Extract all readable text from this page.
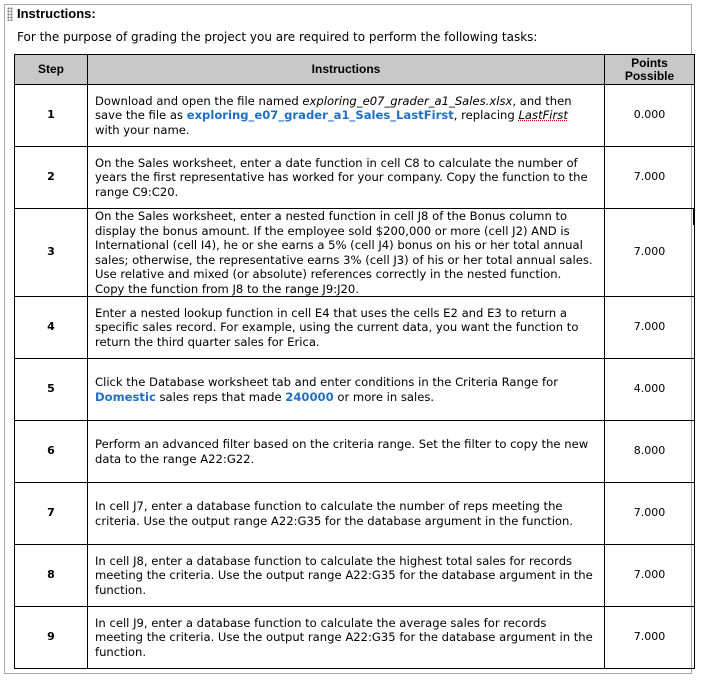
Instructions:
For the purpose of grading the project you are required to perform the following tasks:
Step	Instructions	Points Possible
1	Download and open the file named exploring_e07_grader_a1_Sales.xlsx, and then save the file as exploring_e07_grader_a1_Sales_LastFirst, replacing LastFirst with your name.	0.000
2	On the Sales worksheet, enter a date function in cell C8 to calculate the number of years the first representative has worked for your company. Copy the function to the range C9:C20.	7.000
3	On the Sales worksheet, enter a nested function in cell J8 of the Bonus column to display the bonus amount. If the employee sold $200,000 or more (cell J2) AND is International (cell I4), he or she earns a 5% (cell J4) bonus on his or her total annual sales; otherwise, the representative earns 3% (cell J3) of his or her total annual sales. Use relative and mixed (or absolute) references correctly in the nested function. Copy the function from J8 to the range J9:J20.	7.000
4	Enter a nested lookup function in cell E4 that uses the cells E2 and E3 to return a specific sales record. For example, using the current data, you want the function to return the third quarter sales for Erica.	7.000
5	Click the Database worksheet tab and enter conditions in the Criteria Range for Domestic sales reps that made 240000 or more in sales.	4.000
6	Perform an advanced filter based on the criteria range. Set the filter to copy the new data to the range A22:G22.	8.000
7	In cell J7, enter a database function to calculate the number of reps meeting the criteria. Use the output range A22:G35 for the database argument in the function.	7.000
8	In cell J8, enter a database function to calculate the highest total sales for records meeting the criteria. Use the output range A22:G35 for the database argument in the function.	7.000
9	In cell J9, enter a database function to calculate the average sales for records meeting the criteria. Use the output range A22:G35 for the database argument in the function.	7.000
